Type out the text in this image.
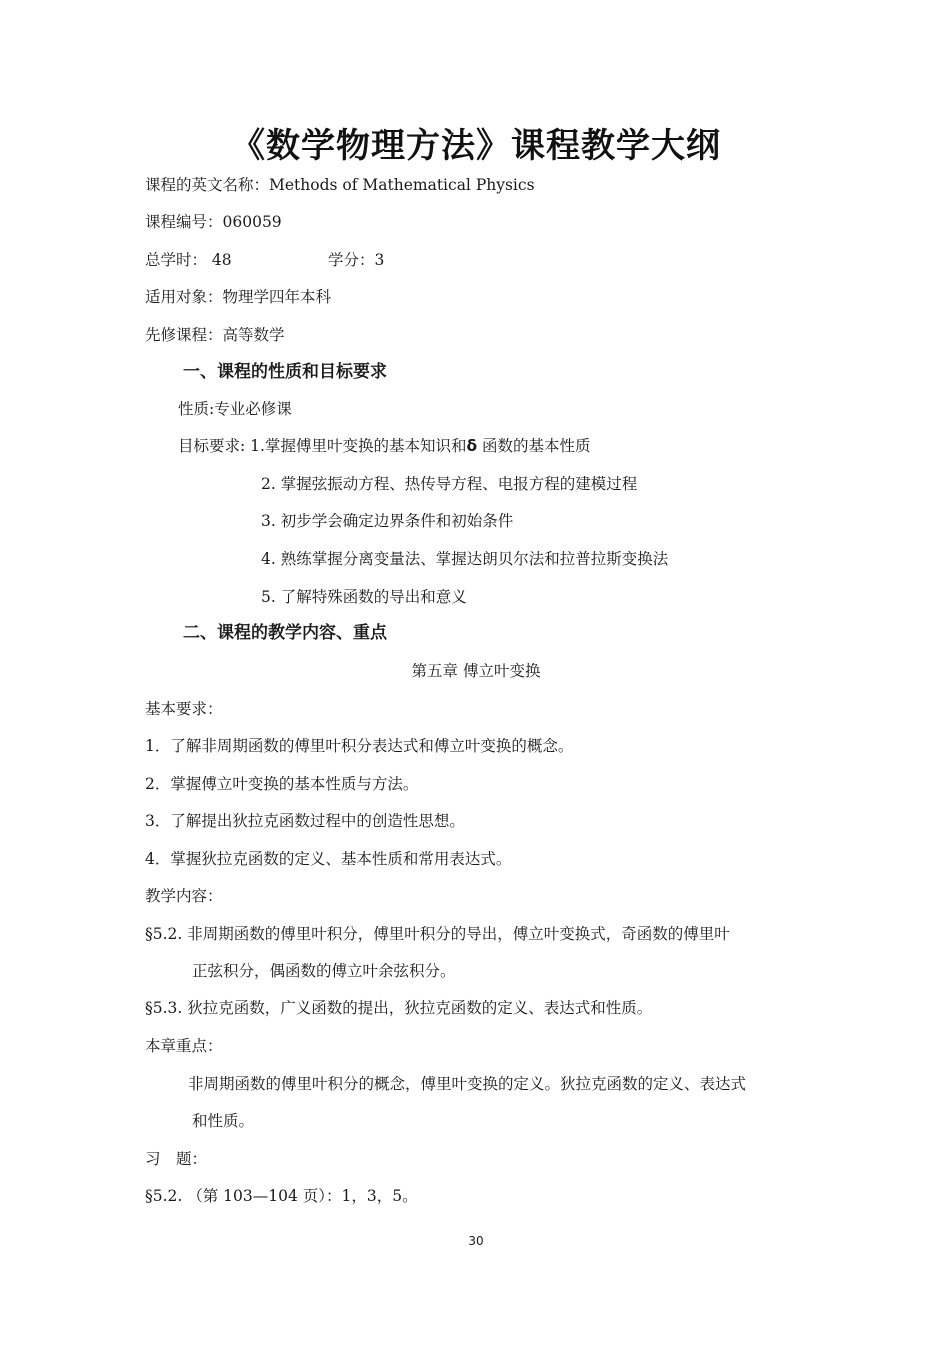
《数学物理方法》课程教学大纲
课程的英文名称：Methods of Mathematical Physics
课程编号：060059
总学时： 48	学分：3
适用对象：物理学四年本科
先修课程：高等数学
一、课程的性质和目标要求
性质:专业必修课
目标要求: 1.掌握傅里叶变换的基本知识和δ 函数的基本性质
2. 掌握弦振动方程、热传导方程、电报方程的建模过程
3. 初步学会确定边界条件和初始条件
4. 熟练掌握分离变量法、掌握达朗贝尔法和拉普拉斯变换法
5. 了解特殊函数的导出和意义
二、课程的教学内容、重点
第五章 傅立叶变换
基本要求：
1．了解非周期函数的傅里叶积分表达式和傅立叶变换的概念。
2．掌握傅立叶变换的基本性质与方法。
3．了解提出狄拉克函数过程中的创造性思想。
4．掌握狄拉克函数的定义、基本性质和常用表达式。
教学内容：
§5.2. 非周期函数的傅里叶积分，傅里叶积分的导出，傅立叶变换式，奇函数的傅里叶
正弦积分，偶函数的傅立叶余弦积分。
§5.3. 狄拉克函数，广义函数的提出，狄拉克函数的定义、表达式和性质。
本章重点：
非周期函数的傅里叶积分的概念，傅里叶变换的定义。狄拉克函数的定义、表达式
和性质。
习　题：
§5.2. （第 103—104 页）：1，3，5。
30
